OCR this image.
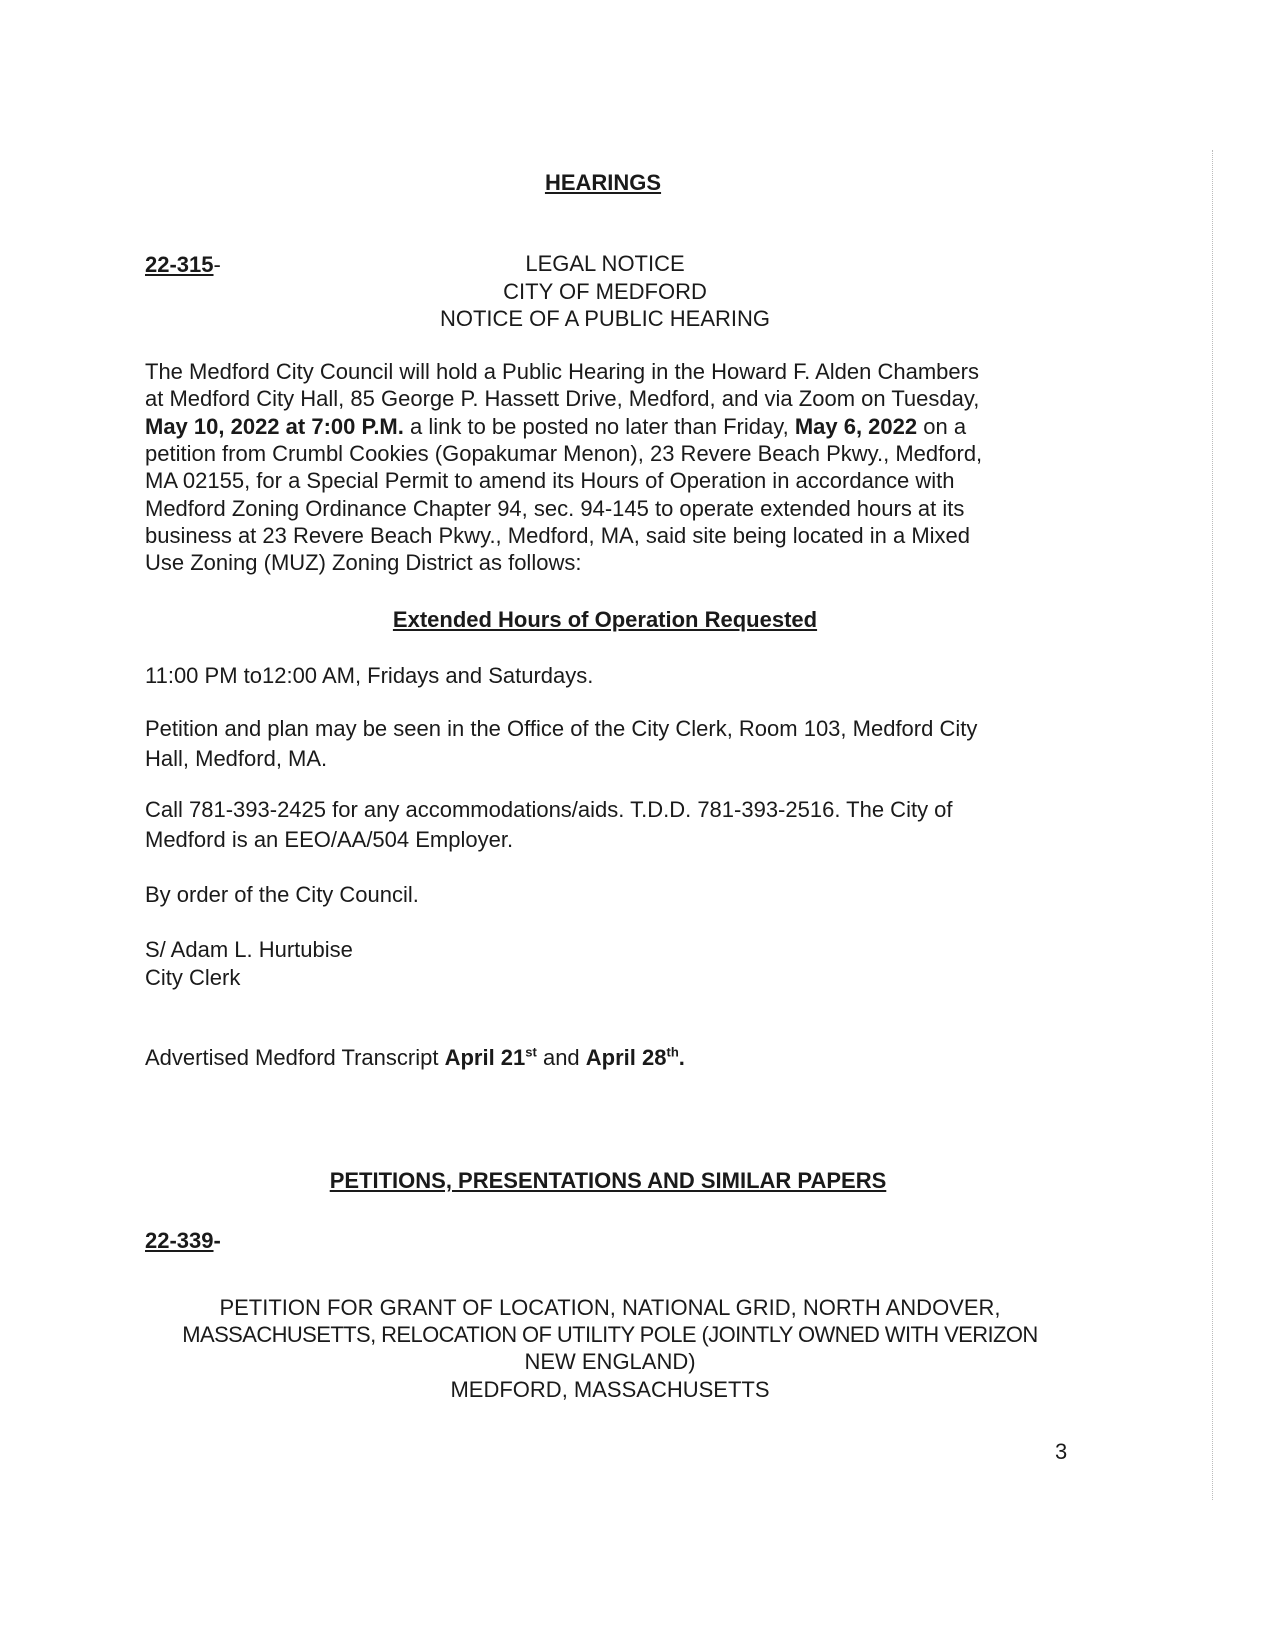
HEARINGS
22-315-	LEGAL NOTICE
CITY OF MEDFORD
NOTICE OF A PUBLIC HEARING
The Medford City Council will hold a Public Hearing in the Howard F. Alden Chambers
at Medford City Hall, 85 George P. Hassett Drive, Medford, and via Zoom on Tuesday,
May 10, 2022 at 7:00 P.M. a link to be posted no later than Friday, May 6, 2022 on a
petition from Crumbl Cookies (Gopakumar Menon), 23 Revere Beach Pkwy., Medford,
MA 02155, for a Special Permit to amend its Hours of Operation in accordance with
Medford Zoning Ordinance Chapter 94, sec. 94-145 to operate extended hours at its
business at 23 Revere Beach Pkwy., Medford, MA, said site being located in a Mixed
Use Zoning (MUZ) Zoning District as follows:
Extended Hours of Operation Requested
11:00 PM to12:00 AM, Fridays and Saturdays.
Petition and plan may be seen in the Office of the City Clerk, Room 103, Medford City
Hall, Medford, MA.
Call 781-393-2425 for any accommodations/aids. T.D.D. 781-393-2516. The City of
Medford is an EEO/AA/504 Employer.
By order of the City Council.
S/ Adam L. Hurtubise
City Clerk
Advertised Medford Transcript April 21st and April 28th.
PETITIONS, PRESENTATIONS AND SIMILAR PAPERS
22-339-
PETITION FOR GRANT OF LOCATION, NATIONAL GRID, NORTH ANDOVER,
MASSACHUSETTS, RELOCATION OF UTILITY POLE (JOINTLY OWNED WITH VERIZON
NEW ENGLAND)
MEDFORD, MASSACHUSETTS
3
